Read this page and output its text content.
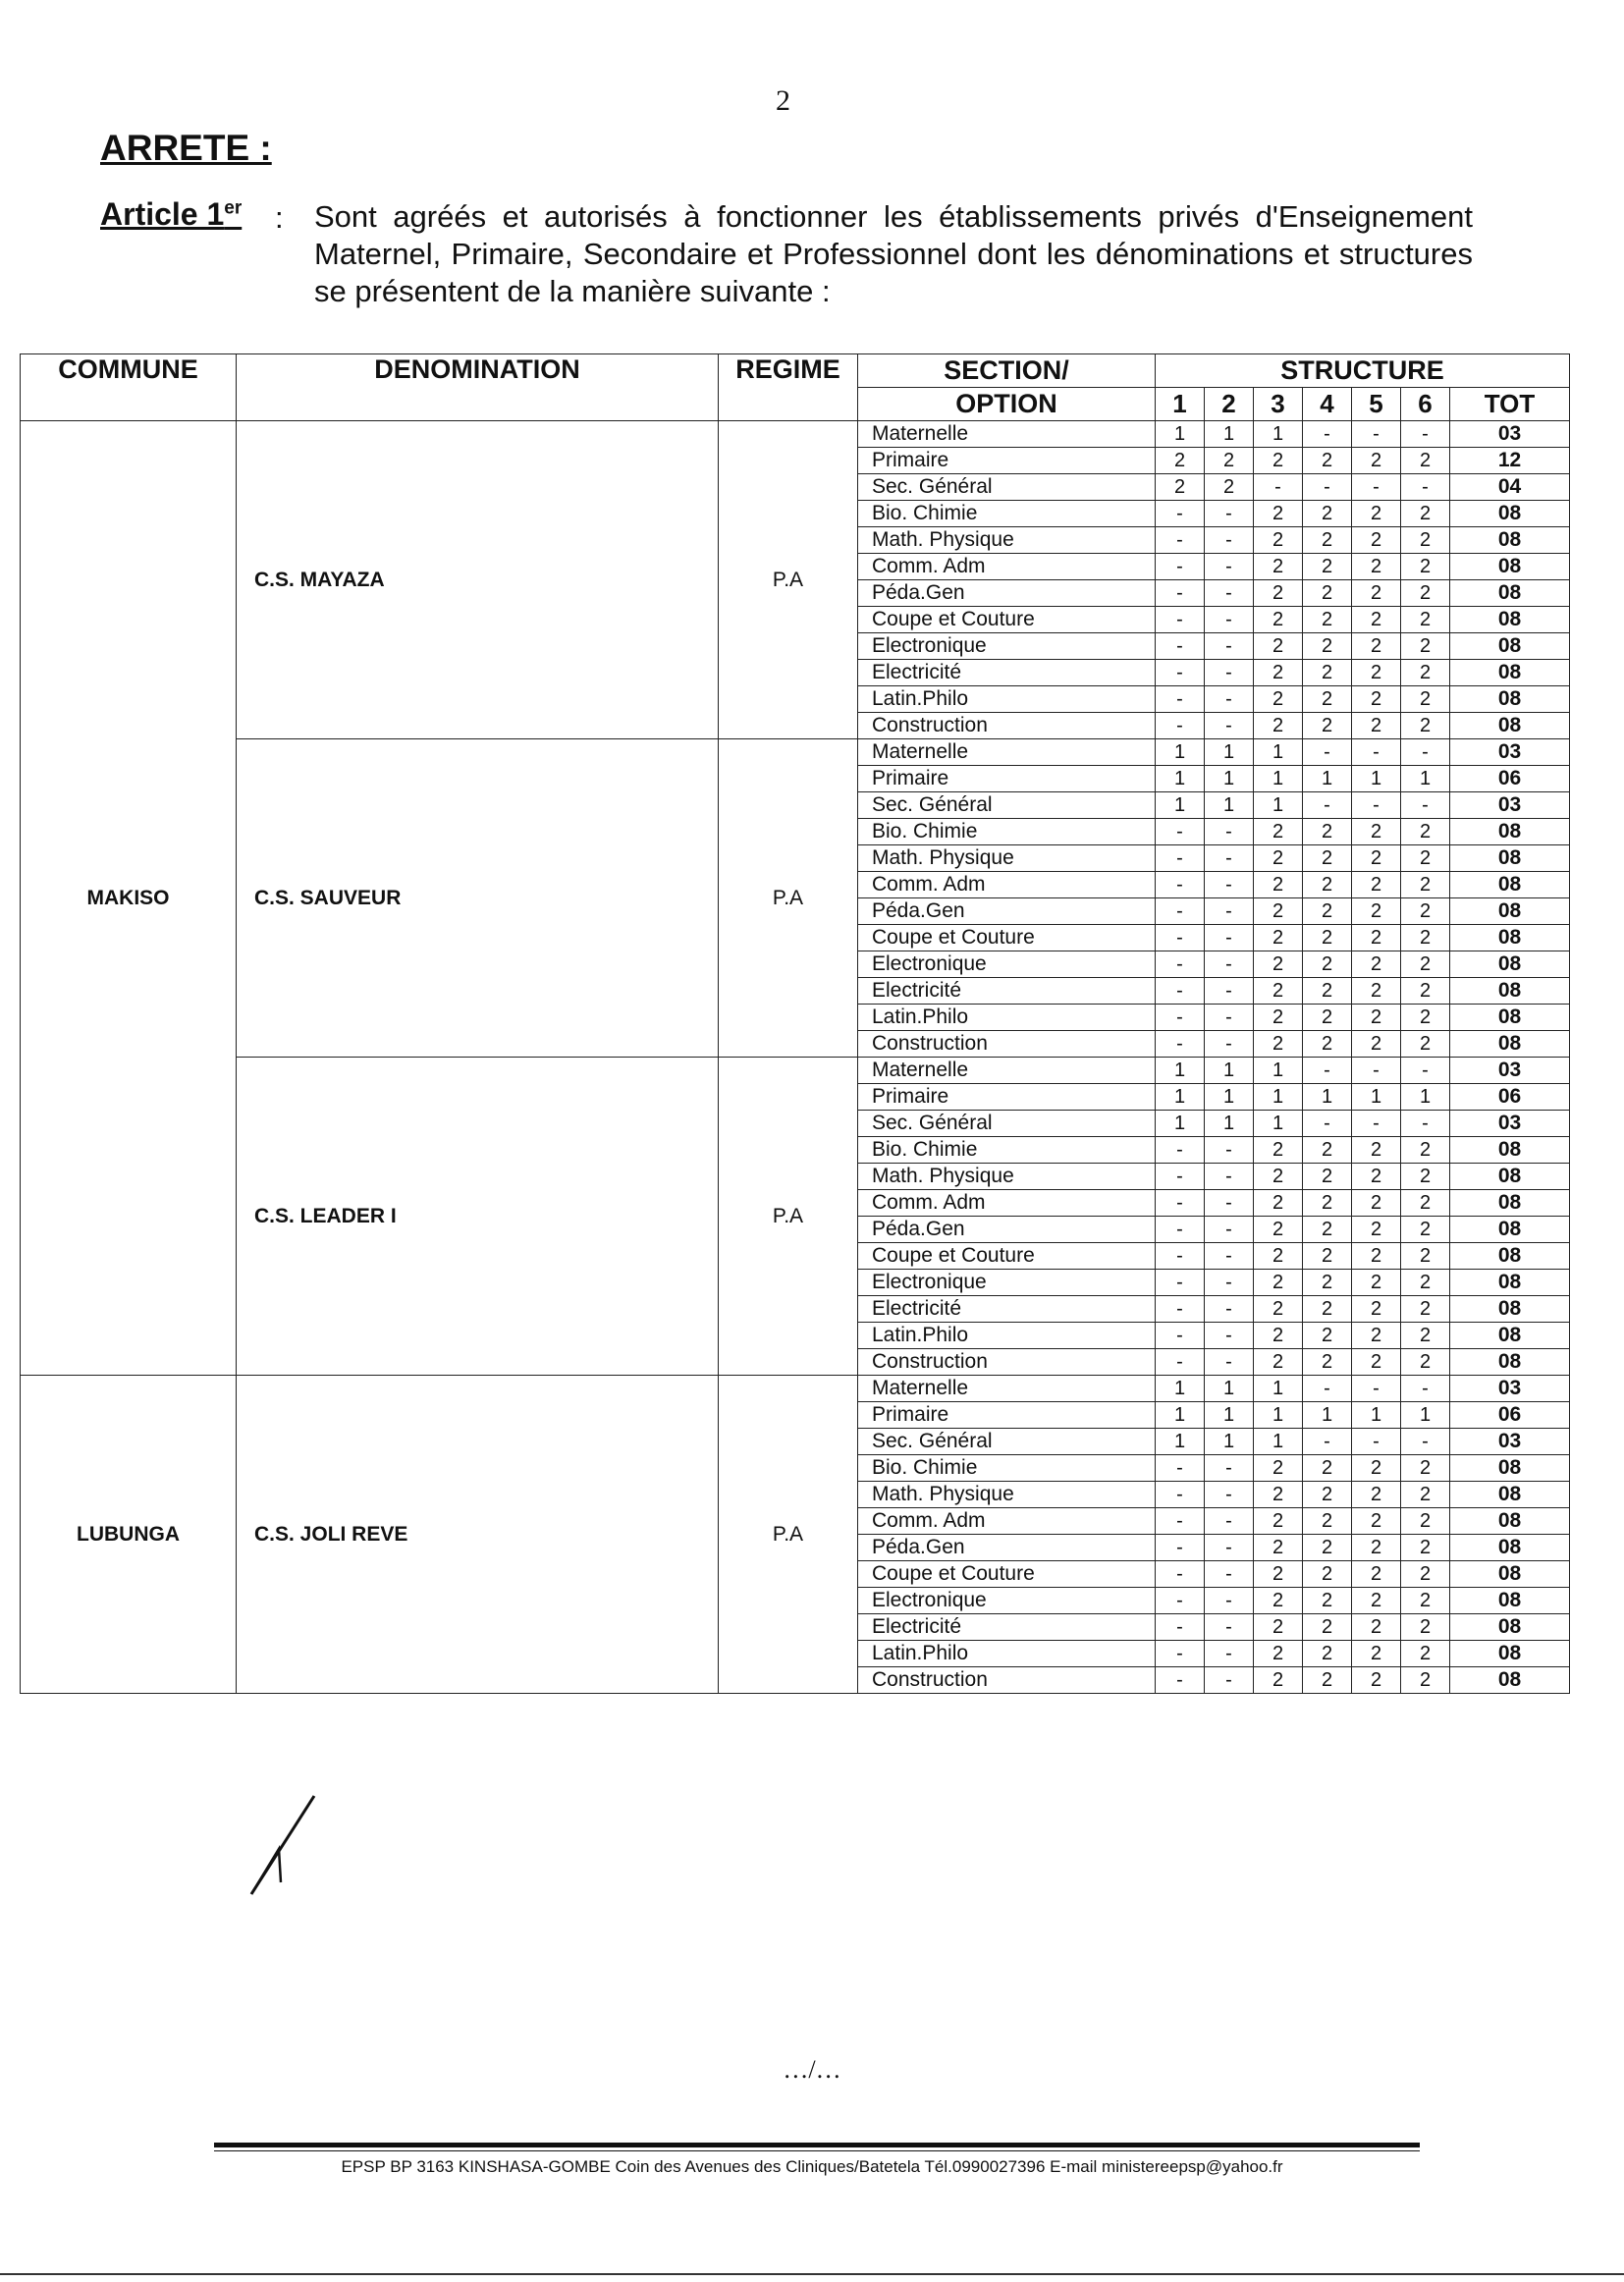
2
ARRETE :
Article 1er : Sont agréés et autorisés à fonctionner les établissements privés d'Enseignement Maternel, Primaire, Secondaire et Professionnel dont les dénominations et structures se présentent de la manière suivante :
COMMUNE	DENOMINATION	REGIME	SECTION/	STRUCTURE						
			OPTION	1	2	3	4	5	6	TOT
MAKISO	C.S. MAYAZA	P.A	Maternelle	1	1	1	-	-	-	03
			Primaire	2	2	2	2	2	2	12
			Sec. Général	2	2	-	-	-	-	04
			Bio. Chimie	-	-	2	2	2	2	08
			Math. Physique	-	-	2	2	2	2	08
			Comm. Adm	-	-	2	2	2	2	08
			Péda.Gen	-	-	2	2	2	2	08
			Coupe et Couture	-	-	2	2	2	2	08
			Electronique	-	-	2	2	2	2	08
			Electricité	-	-	2	2	2	2	08
			Latin.Philo	-	-	2	2	2	2	08
			Construction	-	-	2	2	2	2	08
	C.S. SAUVEUR	P.A	Maternelle	1	1	1	-	-	-	03
			Primaire	1	1	1	1	1	1	06
			Sec. Général	1	1	1	-	-	-	03
			Bio. Chimie	-	-	2	2	2	2	08
			Math. Physique	-	-	2	2	2	2	08
			Comm. Adm	-	-	2	2	2	2	08
			Péda.Gen	-	-	2	2	2	2	08
			Coupe et Couture	-	-	2	2	2	2	08
			Electronique	-	-	2	2	2	2	08
			Electricité	-	-	2	2	2	2	08
			Latin.Philo	-	-	2	2	2	2	08
			Construction	-	-	2	2	2	2	08
	C.S. LEADER I	P.A	Maternelle	1	1	1	-	-	-	03
			Primaire	1	1	1	1	1	1	06
			Sec. Général	1	1	1	-	-	-	03
			Bio. Chimie	-	-	2	2	2	2	08
			Math. Physique	-	-	2	2	2	2	08
			Comm. Adm	-	-	2	2	2	2	08
			Péda.Gen	-	-	2	2	2	2	08
			Coupe et Couture	-	-	2	2	2	2	08
			Electronique	-	-	2	2	2	2	08
			Electricité	-	-	2	2	2	2	08
			Latin.Philo	-	-	2	2	2	2	08
			Construction	-	-	2	2	2	2	08
LUBUNGA	C.S. JOLI REVE	P.A	Maternelle	1	1	1	-	-	-	03
			Primaire	1	1	1	1	1	1	06
			Sec. Général	1	1	1	-	-	-	03
			Bio. Chimie	-	-	2	2	2	2	08
			Math. Physique	-	-	2	2	2	2	08
			Comm. Adm	-	-	2	2	2	2	08
			Péda.Gen	-	-	2	2	2	2	08
			Coupe et Couture	-	-	2	2	2	2	08
			Electronique	-	-	2	2	2	2	08
			Electricité	-	-	2	2	2	2	08
			Latin.Philo	-	-	2	2	2	2	08
			Construction	-	-	2	2	2	2	08
…/…
EPSP BP 3163 KINSHASA-GOMBE Coin des Avenues des Cliniques/Batetela Tél.0990027396 E-mail ministereepsp@yahoo.fr
